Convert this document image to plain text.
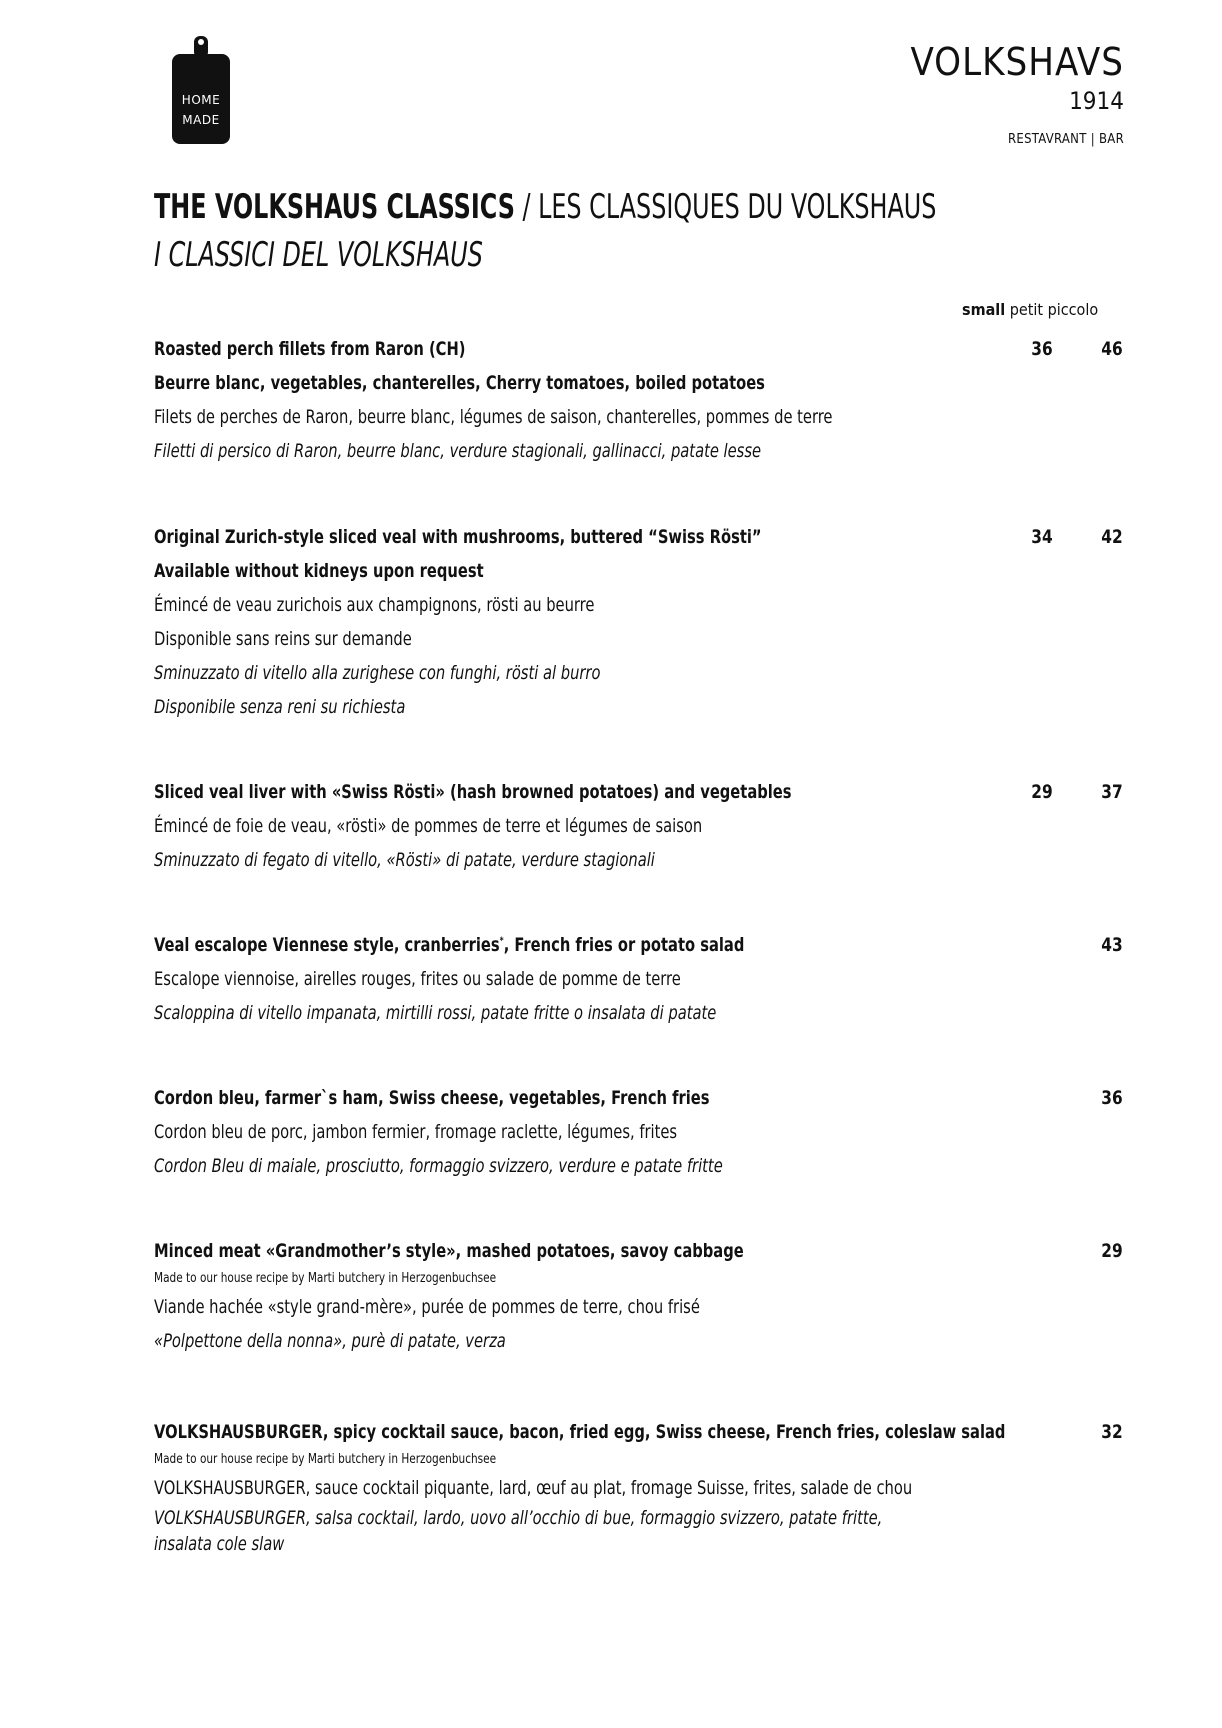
HOME
MADE
VOLKSHAVS
1914
RESTAVRANT | BAR
THE VOLKSHAUS CLASSICS / LES CLASSIQUES DU VOLKSHAUS
I CLASSICI DEL VOLKSHAUS
small petit piccolo
Roasted perch fillets from Raron (CH)
Beurre blanc, vegetables, chanterelles, Cherry tomatoes, boiled potatoes
Filets de perches de Raron, beurre blanc, légumes de saison, chanterelles, pommes de terre
Filetti di persico di Raron, beurre blanc, verdure stagionali, gallinacci, patate lesse
36	46
Original Zurich-style sliced veal with mushrooms, buttered “Swiss Rösti”
Available without kidneys upon request
Émincé de veau zurichois aux champignons, rösti au beurre
Disponible sans reins sur demande
Sminuzzato di vitello alla zurighese con funghi, rösti al burro
Disponibile senza reni su richiesta
34	42
Sliced veal liver with «Swiss Rösti» (hash browned potatoes) and vegetables
Émincé de foie de veau, «rösti» de pommes de terre et légumes de saison
Sminuzzato di fegato di vitello, «Rösti» di patate, verdure stagionali
29	37
Veal escalope Viennese style, cranberries*, French fries or potato salad
Escalope viennoise, airelles rouges, frites ou salade de pomme de terre
Scaloppina di vitello impanata, mirtilli rossi, patate fritte o insalata di patate
43
Cordon bleu, farmer`s ham, Swiss cheese, vegetables, French fries
Cordon bleu de porc, jambon fermier, fromage raclette, légumes, frites
Cordon Bleu di maiale, prosciutto, formaggio svizzero, verdure e patate fritte
36
Minced meat «Grandmother’s style», mashed potatoes, savoy cabbage
Made to our house recipe by Marti butchery in Herzogenbuchsee
Viande hachée «style grand-mère», purée de pommes de terre, chou frisé
«Polpettone della nonna», purè di patate, verza
29
VOLKSHAUSBURGER, spicy cocktail sauce, bacon, fried egg, Swiss cheese, French fries, coleslaw salad
Made to our house recipe by Marti butchery in Herzogenbuchsee
VOLKSHAUSBURGER, sauce cocktail piquante, lard, œuf au plat, fromage Suisse, frites, salade de chou
VOLKSHAUSBURGER, salsa cocktail, lardo, uovo all’occhio di bue, formaggio svizzero, patate fritte,
insalata cole slaw
32
